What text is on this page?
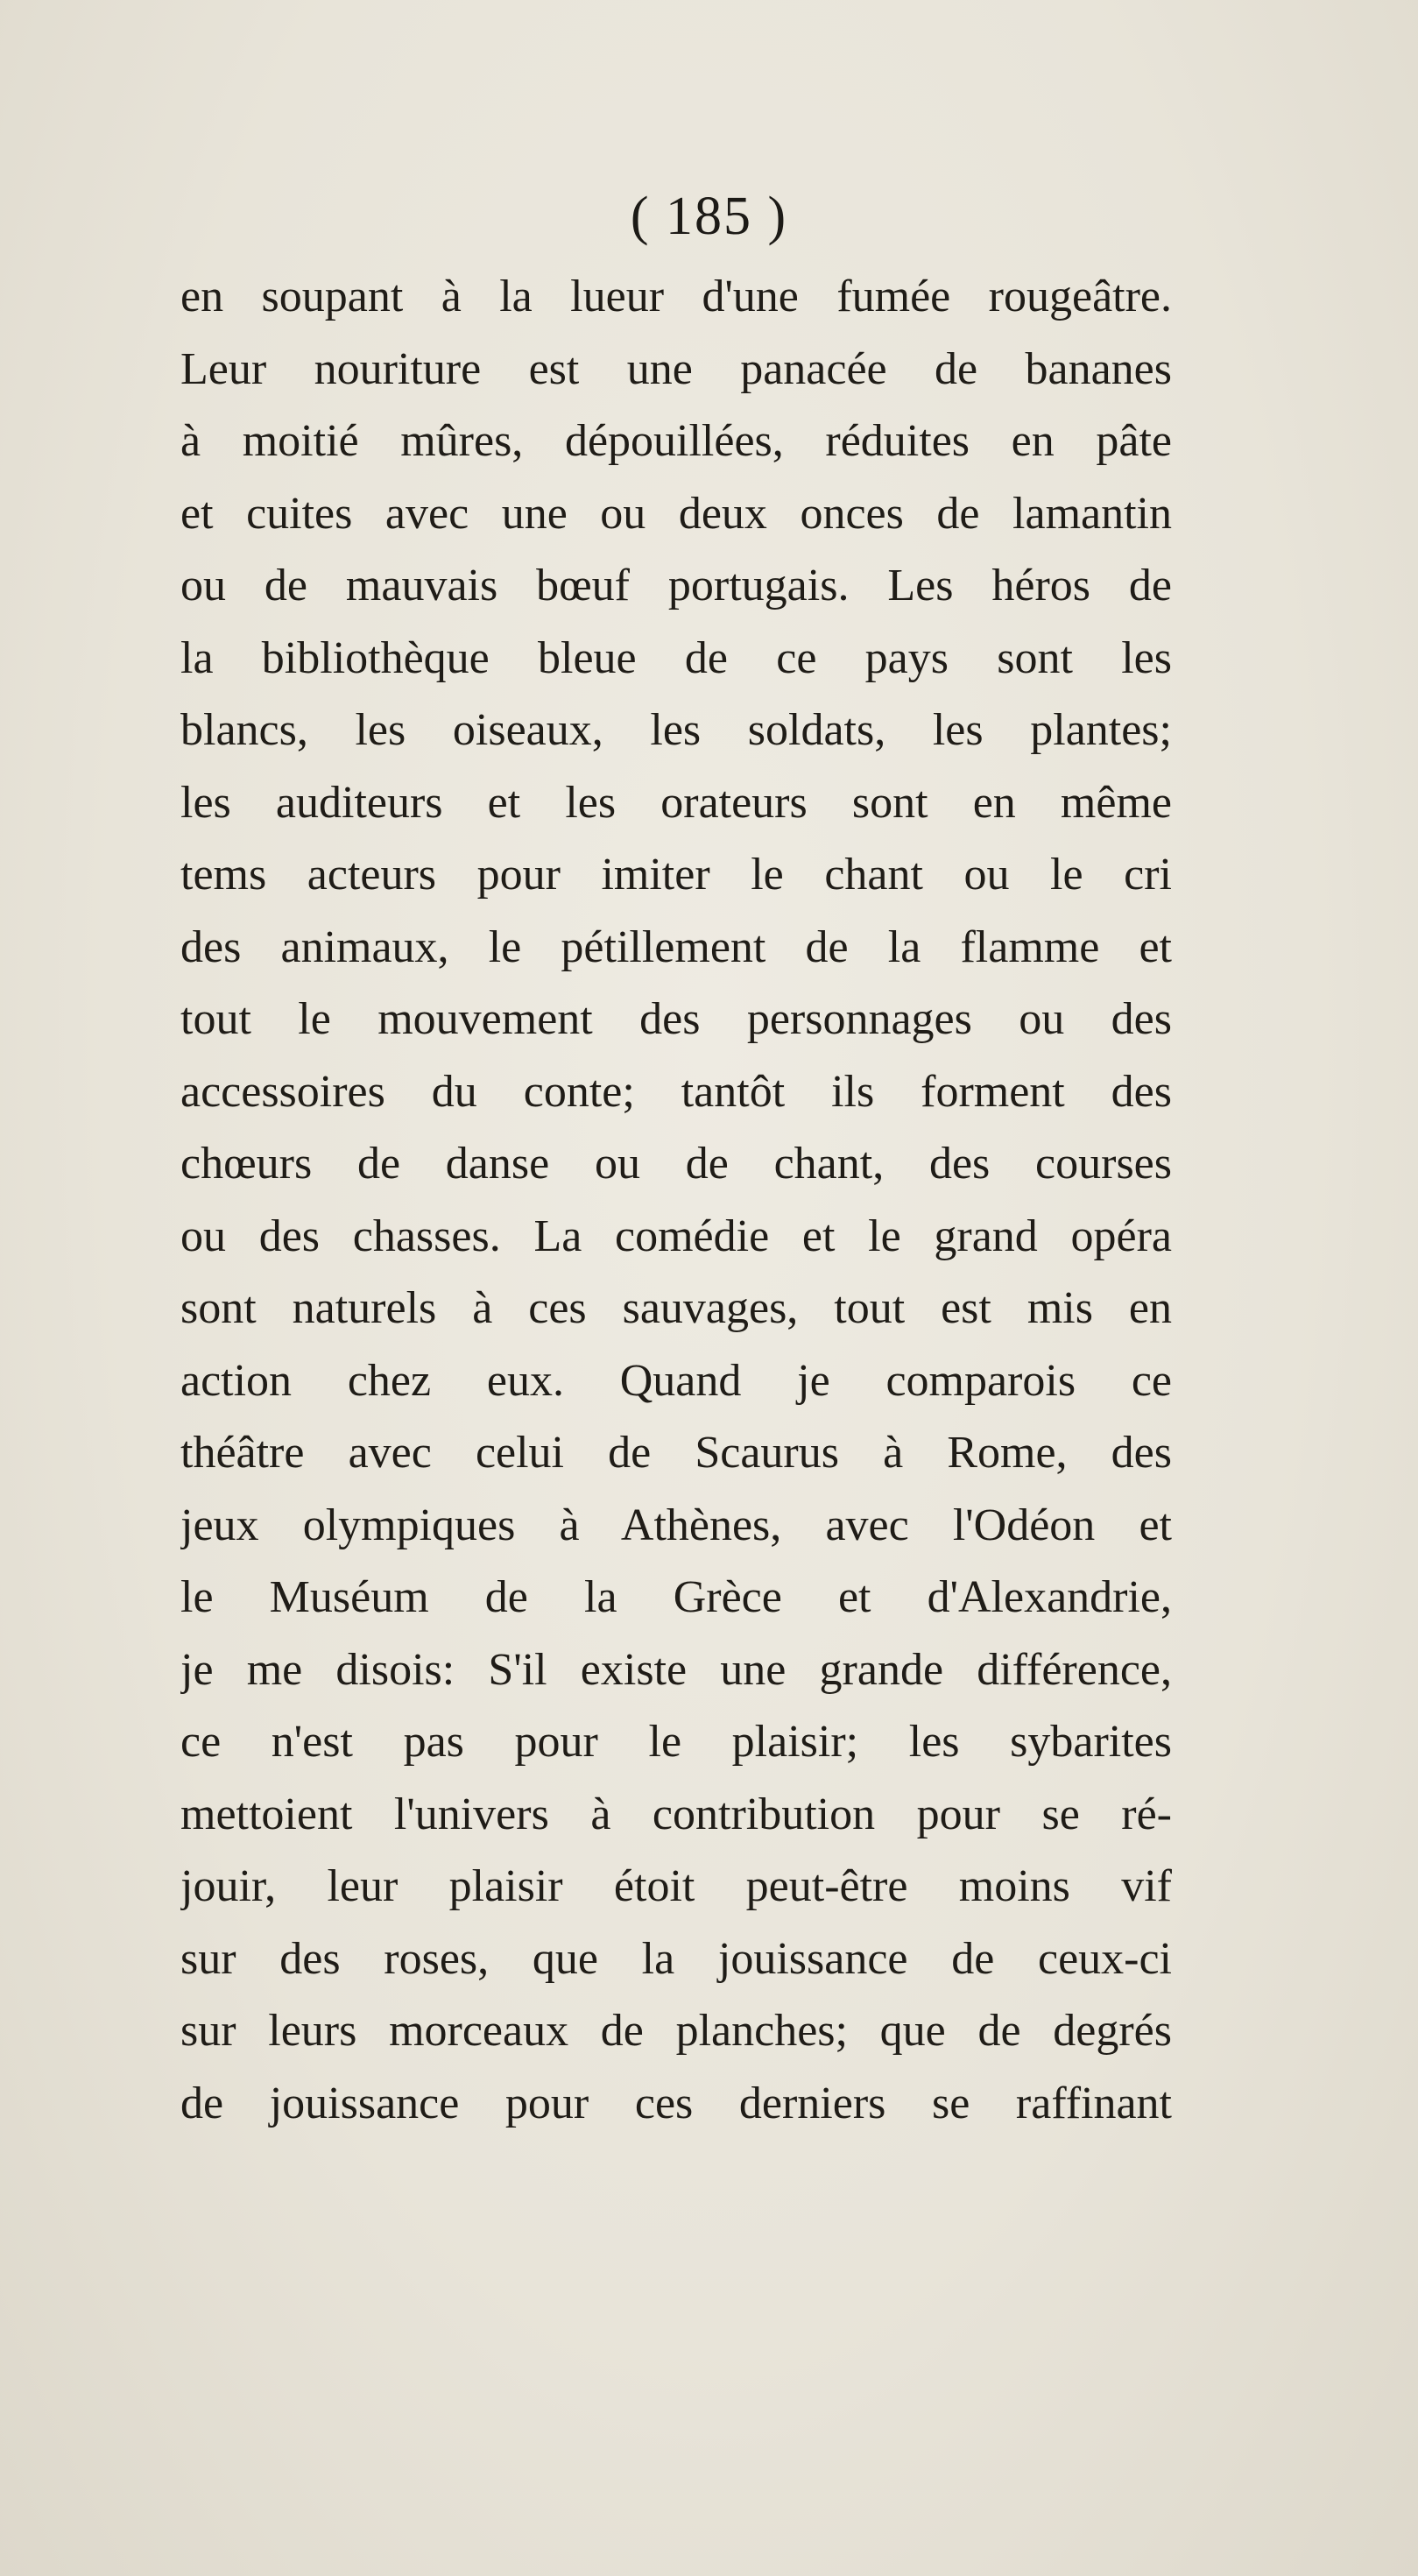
( 185 )
en soupant à la lueur d'une fumée rougeâtre.
Leur nouriture est une panacée de bananes
à moitié mûres, dépouillées, réduites en pâte
et cuites avec une ou deux onces de lamantin
ou de mauvais bœuf portugais. Les héros de
la bibliothèque bleue de ce pays sont les
blancs, les oiseaux, les soldats, les plantes;
les auditeurs et les orateurs sont en même
tems acteurs pour imiter le chant ou le cri
des animaux, le pétillement de la flamme et
tout le mouvement des personnages ou des
accessoires du conte; tantôt ils forment des
chœurs de danse ou de chant, des courses
ou des chasses. La comédie et le grand opéra
sont naturels à ces sauvages, tout est mis en
action chez eux. Quand je comparois ce
théâtre avec celui de Scaurus à Rome, des
jeux olympiques à Athènes, avec l'Odéon et
le Muséum de la Grèce et d'Alexandrie,
je me disois: S'il existe une grande différence,
ce n'est pas pour le plaisir; les sybarites
mettoient l'univers à contribution pour se ré-
jouir, leur plaisir étoit peut-être moins vif
sur des roses, que la jouissance de ceux-ci
sur leurs morceaux de planches; que de degrés
de jouissance pour ces derniers se raffinant
